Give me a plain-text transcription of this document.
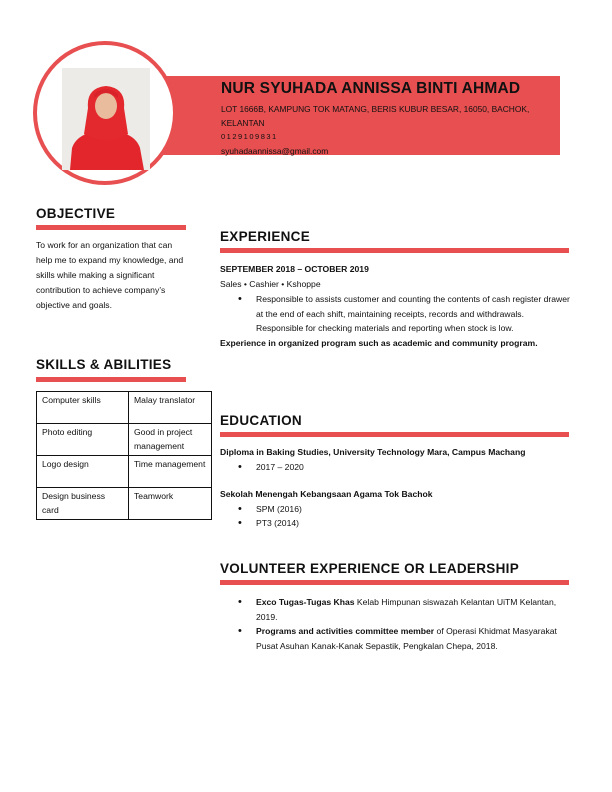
NUR SYUHADA ANNISSA BINTI AHMAD
LOT 1666B, KAMPUNG TOK MATANG, BERIS KUBUR BESAR, 16050, BACHOK, KELANTAN
0129109831
syuhadaannissa@gmail.com
OBJECTIVE
To work for an organization that can help me to expand my knowledge, and skills while making a significant contribution to achieve company’s objective and goals.
SKILLS & ABILITIES
Computer skills	Malay translator
Photo editing	Good in project management
Logo design	Time management
Design business card	Teamwork
EXPERIENCE
SEPTEMBER 2018 – OCTOBER 2019
Sales • Cashier • Kshoppe
• Responsible to assists customer and counting the contents of cash register drawer at the end of each shift, maintaining receipts, records and withdrawals. Responsible for checking materials and reporting when stock is low.
Experience in organized program such as academic and community program.
EDUCATION
Diploma in Baking Studies, University Technology Mara, Campus Machang
• 2017 – 2020
Sekolah Menengah Kebangsaan Agama Tok Bachok
• SPM (2016)
• PT3 (2014)
VOLUNTEER EXPERIENCE OR LEADERSHIP
• Exco Tugas-Tugas Khas Kelab Himpunan siswazah Kelantan UiTM Kelantan, 2019.
• Programs and activities committee member of Operasi Khidmat Masyarakat Pusat Asuhan Kanak-Kanak Sepastik, Pengkalan Chepa, 2018.
